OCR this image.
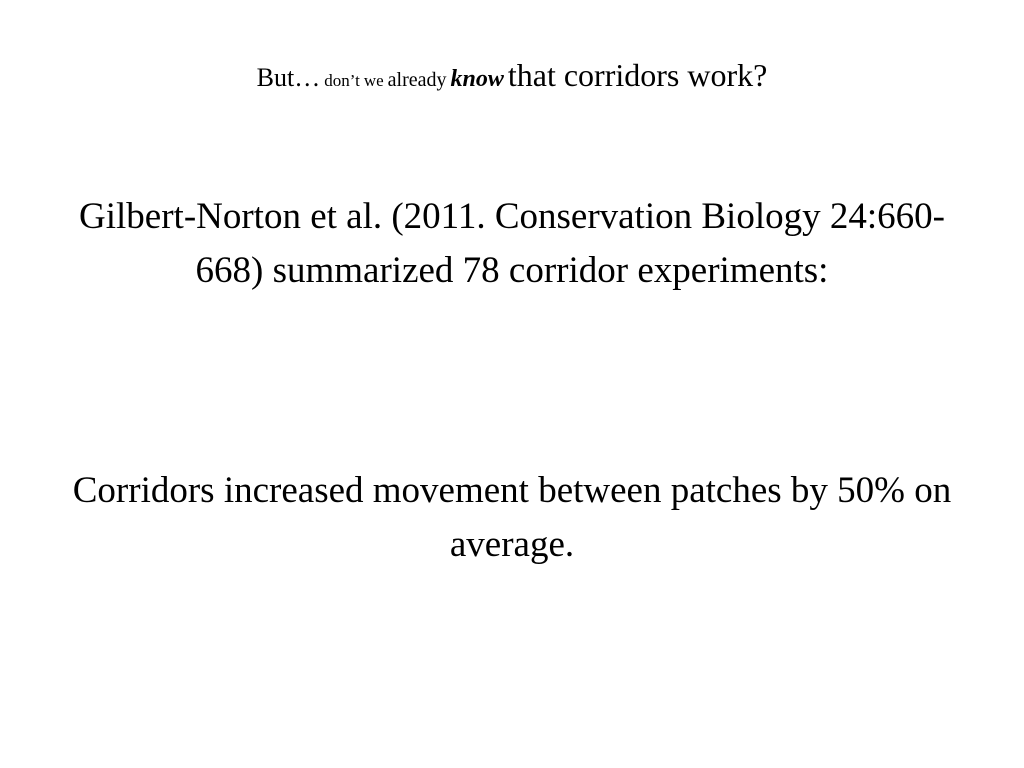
But… don’t we already know that corridors work?

Gilbert-Norton et al. (2011. Conservation Biology 24:660-668) summarized 78 corridor experiments:

Corridors increased movement between patches by 50% on average.
